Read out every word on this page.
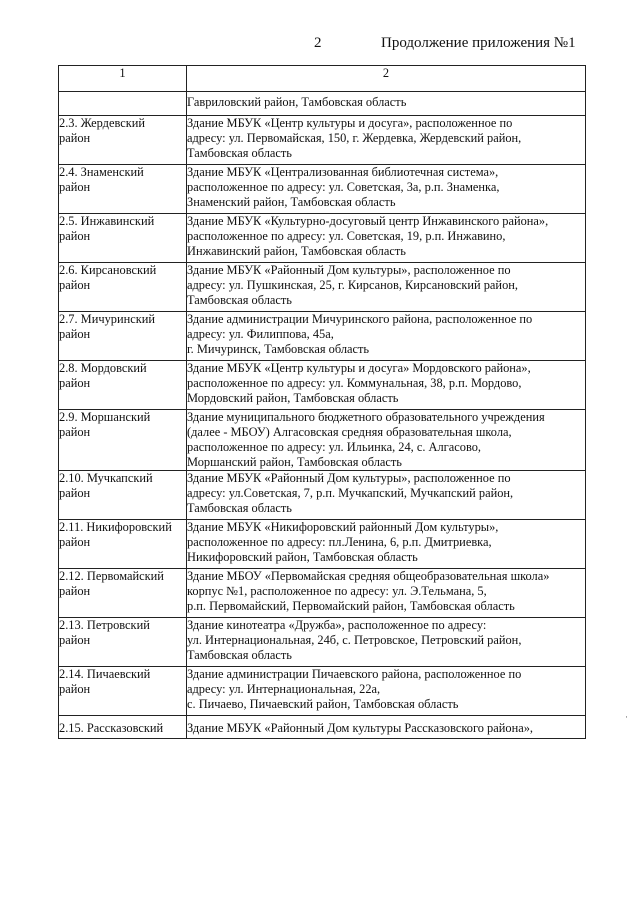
2	Продолжение приложения №1
1	2

	Гавриловский район, Тамбовская область

2.3. Жердевский
район	Здание МБУК «Центр культуры и досуга», расположенное по
адресу: ул. Первомайская, 150, г. Жердевка, Жердевский район,
Тамбовская область

2.4. Знаменский
район	Здание МБУК «Централизованная библиотечная система»,
расположенное по адресу: ул. Советская, 3а, р.п. Знаменка,
Знаменский район, Тамбовская область

2.5. Инжавинский
район	Здание МБУК «Культурно-досуговый центр Инжавинского района»,
расположенное по адресу: ул. Советская, 19, р.п. Инжавино,
Инжавинский район, Тамбовская область

2.6. Кирсановский
район	Здание МБУК «Районный Дом культуры», расположенное по
адресу: ул. Пушкинская, 25, г. Кирсанов, Кирсановский район,
Тамбовская область

2.7. Мичуринский
район	Здание администрации Мичуринского района, расположенное по
адресу: ул. Филиппова, 45а,
г. Мичуринск, Тамбовская область

2.8. Мордовский
район	Здание МБУК «Центр культуры и досуга» Мордовского района»,
расположенное по адресу: ул. Коммунальная, 38, р.п. Мордово,
Мордовский район, Тамбовская область

2.9. Моршанский
район	Здание муниципального бюджетного образовательного учреждения
(далее - МБОУ) Алгасовская средняя образовательная школа,
расположенное по адресу: ул. Ильинка, 24, с. Алгасово,
Моршанский район, Тамбовская область

2.10. Мучкапский
район	Здание МБУК «Районный Дом культуры», расположенное по
адресу: ул.Советская, 7, р.п. Мучкапский, Мучкапский район,
Тамбовская область

2.11. Никифоровский
район	Здание МБУК «Никифоровский районный Дом культуры»,
расположенное по адресу: пл.Ленина, 6, р.п. Дмитриевка,
Никифоровский район, Тамбовская область

2.12. Первомайский
район	Здание МБОУ «Первомайская средняя общеобразовательная школа»
корпус №1, расположенное по адресу: ул. Э.Тельмана, 5,
р.п. Первомайский, Первомайский район, Тамбовская область

2.13. Петровский
район	Здание кинотеатра «Дружба», расположенное по адресу:
ул. Интернациональная, 24б, с. Петровское, Петровский район,
Тамбовская область

2.14. Пичаевский
район	Здание администрации Пичаевского района, расположенное по
адресу: ул. Интернациональная, 22а,
с. Пичаево, Пичаевский район, Тамбовская область

2.15. Рассказовский	Здание МБУК «Районный Дом культуры Рассказовского района»,
·
